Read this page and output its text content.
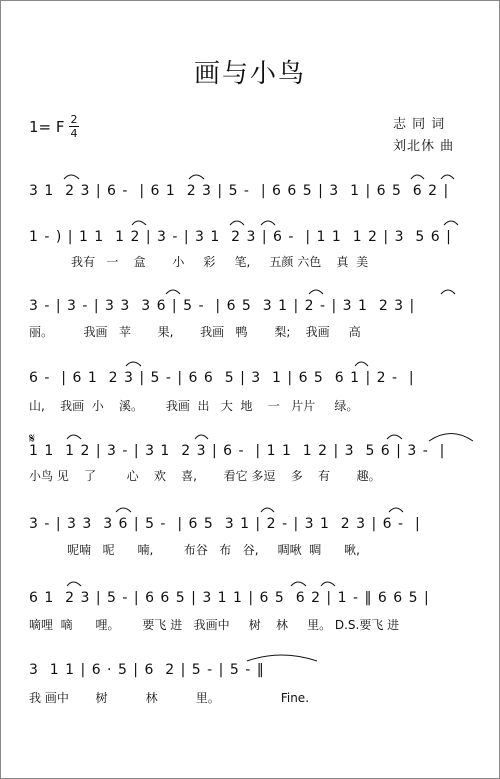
画与小鸟
1= F 2
4
志 同 词
刘北休 曲
3 1  2 3 | 6 -  | 6 1  2 3 | 5 -  | 6 6 5 | 3  1 | 6 5  6 2 |
1 - ) | 1 1  1 2 | 3 - | 3 1  2 3 | 6 -  | 1 1  1 2 | 3  5 6 |
我有   一    盒       小     彩     笔,     五颜 六色    真  美
3 - | 3 - | 3 3  3 6 | 5 -  | 6 5  3 1 | 2 - | 3 1  2 3 |
丽。        我画   苹       果,       我画   鸭       梨;    我画     高
6 -  | 6 1  2 3 | 5 - | 6 6  5 | 3  1 | 6 5  6 1 | 2 -  |
山,    我画  小    溪。      我画  出   大  地    一   片片     绿。
𝄋
1 1  1 2 | 3 - | 3 1  2 3 | 6 -  | 1 1  1 2 | 3  5 6 | 3 -  |
小鸟 见    了        心    欢    喜,       看它 多逗    多    有       趣。
3 - | 3 3  3 6 | 5 -  | 6 5  3 1 | 2 - | 3 1  2 3 | 6 -  |
呢喃   呢      喃,        布谷   布   谷,     啁啾  啁      啾,
6 1  2 3 | 5 - | 6 6 5 | 3 1 1 | 6 5  6 2 | 1 - ‖ 6 6 5 |
嘀哩  嘀      哩。      要飞 进   我画中     树    林     里。 D.S.要飞 进
3  1 1 | 6 · 5 | 6  2 | 5 - | 5 - ‖
我 画中       树          林          里。                Fine.
